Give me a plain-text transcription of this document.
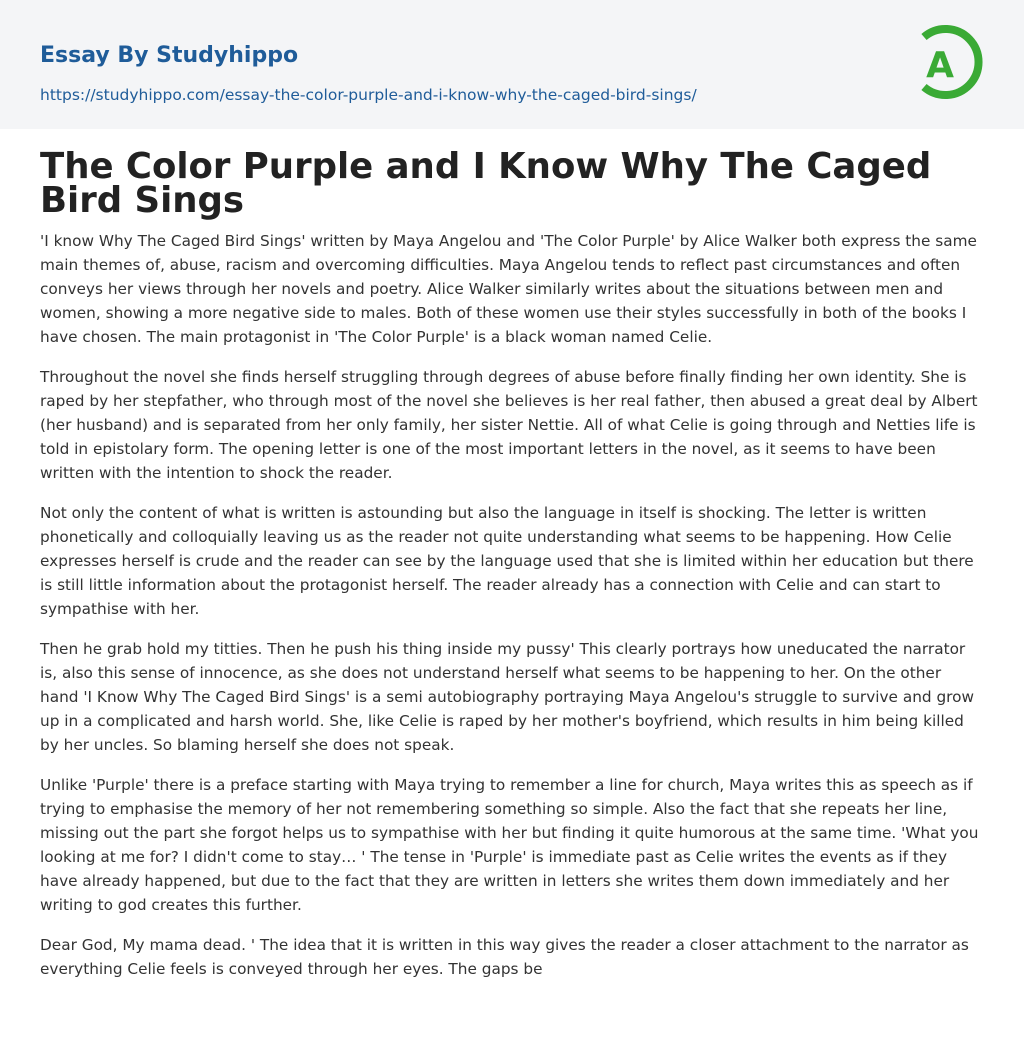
Essay By Studyhippo
https://studyhippo.com/essay-the-color-purple-and-i-know-why-the-caged-bird-sings/
A
The Color Purple and I Know Why The Caged Bird Sings

'I know Why The Caged Bird Sings' written by Maya Angelou and 'The Color Purple' by Alice Walker both express the same main themes of, abuse, racism and overcoming difficulties. Maya Angelou tends to reflect past circumstances and often conveys her views through her novels and poetry. Alice Walker similarly writes about the situations between men and women, showing a more negative side to males. Both of these women use their styles successfully in both of the books I have chosen. The main protagonist in 'The Color Purple' is a black woman named Celie.

Throughout the novel she finds herself struggling through degrees of abuse before finally finding her own identity. She is raped by her stepfather, who through most of the novel she believes is her real father, then abused a great deal by Albert (her husband) and is separated from her only family, her sister Nettie. All of what Celie is going through and Netties life is told in epistolary form. The opening letter is one of the most important letters in the novel, as it seems to have been written with the intention to shock the reader.

Not only the content of what is written is astounding but also the language in itself is shocking. The letter is written phonetically and colloquially leaving us as the reader not quite understanding what seems to be happening. How Celie expresses herself is crude and the reader can see by the language used that she is limited within her education but there is still little information about the protagonist herself. The reader already has a connection with Celie and can start to sympathise with her.

Then he grab hold my titties. Then he push his thing inside my pussy' This clearly portrays how uneducated the narrator is, also this sense of innocence, as she does not understand herself what seems to be happening to her. On the other hand 'I Know Why The Caged Bird Sings' is a semi autobiography portraying Maya Angelou's struggle to survive and grow up in a complicated and harsh world. She, like Celie is raped by her mother's boyfriend, which results in him being killed by her uncles. So blaming herself she does not speak.

Unlike 'Purple' there is a preface starting with Maya trying to remember a line for church, Maya writes this as speech as if trying to emphasise the memory of her not remembering something so simple. Also the fact that she repeats her line, missing out the part she forgot helps us to sympathise with her but finding it quite humorous at the same time. 'What you looking at me for? I didn't come to stay… ' The tense in 'Purple' is immediate past as Celie writes the events as if they have already happened, but due to the fact that they are written in letters she writes them down immediately and her writing to god creates this further.

Dear God, My mama dead. ' The idea that it is written in this way gives the reader a closer attachment to the narrator as everything Celie feels is conveyed through her eyes. The gaps be
